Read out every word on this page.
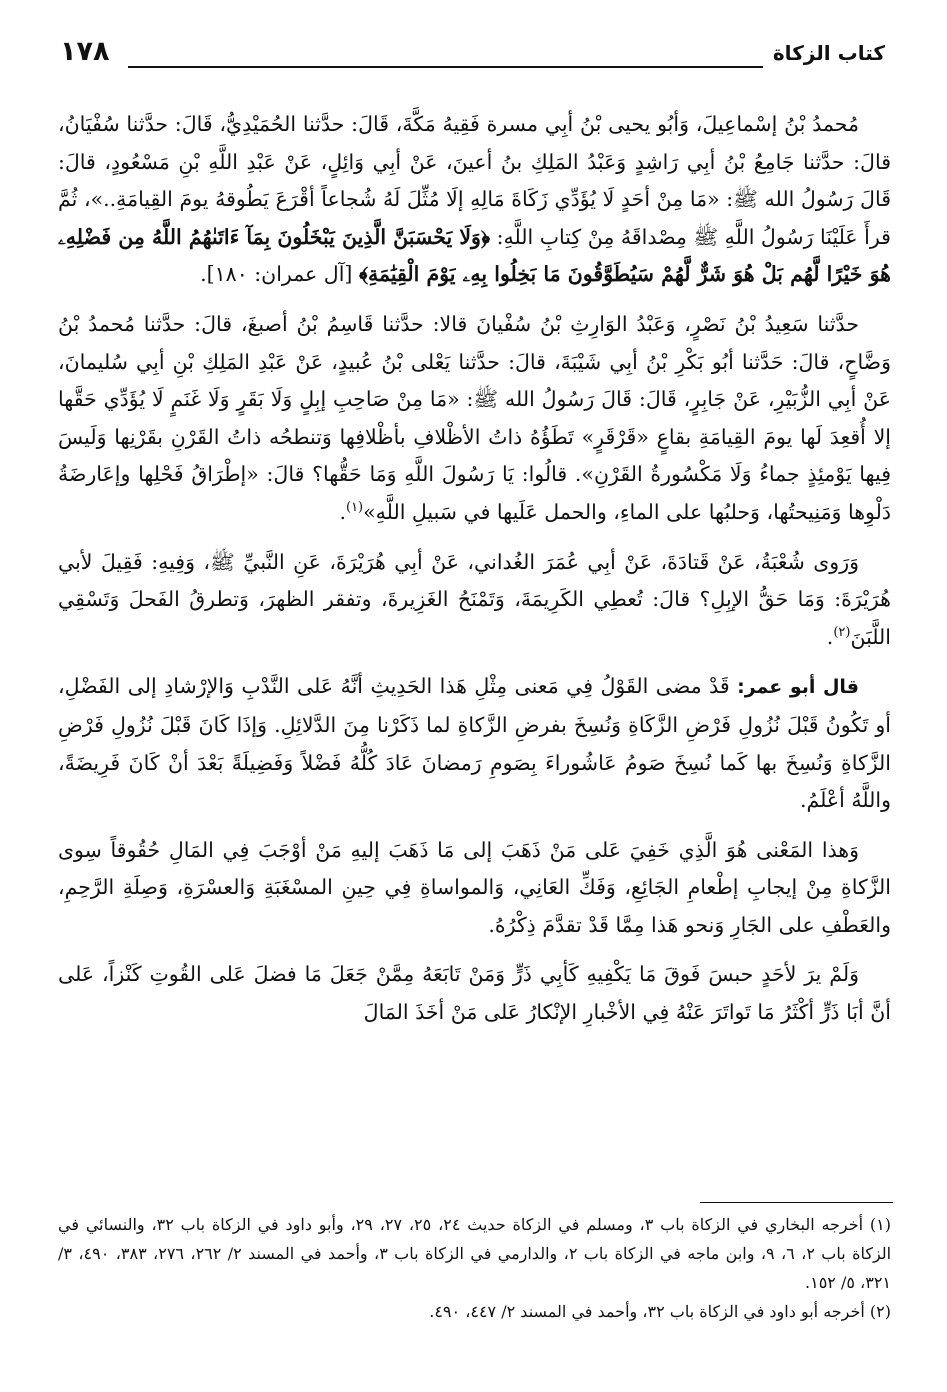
١٧٨	كتاب الزكاة

مُحمدُ بْنُ إسْماعِيلَ، وَأبُو يحيى بْنُ أبِي مسرة فَقِيهُ مَكَّةَ، قَالَ: حدَّثنا الحُمَيْدِيُّ، قَالَ: حدَّثنا سُفْيَانُ، قالَ: حدَّثنا جَامِعُ بْنُ أبِي رَاشِدٍ وَعَبْدُ المَلِكِ بنُ أعينَ، عَنْ أبِي وَائِلٍ، عَنْ عَبْدِ اللَّهِ بْنِ مَسْعُودٍ، قالَ: قَالَ رَسُولُ الله ﷺ: «مَا مِنْ أحَدٍ لَا يُؤَدِّي زَكَاةَ مَالِهِ إلَا مُثِّلَ لَهُ شُجاعاً أقْرَعَ يَطُوقهُ يومَ القِيامَةِ..»، ثُمَّ قرأَ عَلَيْنَا رَسُولُ اللَّهِ ﷺ مِصْداقَهُ مِنْ كِتابِ اللَّهِ: ﴿وَلَا يَحْسَبَنَّ الَّذِينَ يَبْخَلُونَ بِمَآ ءَاتَىٰهُمُ اللَّهُ مِن فَضْلِهِۦ هُوَ خَيْرًا لَّهُم بَلْ هُوَ شَرٌّ لَّهُمْ سَيُطَوَّقُونَ مَا بَخِلُوا بِهِۦ يَوْمَ الْقِيَٰمَةِ﴾ [آل عمران: ١٨٠].

حدَّثنا سَعِيدُ بْنُ نَصْرٍ، وَعَبْدُ الوَارِثِ بْنُ سُفْيانَ قالا: حدَّثنا قَاسِمُ بْنُ أصبغَ، قالَ: حدَّثنا مُحمدُ بْنُ وَضَّاحٍ، قالَ: حَدَّثنا أبُو بَكْرِ بْنُ أبِي شَيْبَةَ، قالَ: حدَّثنا يَعْلى بْنُ عُبيدٍ، عَنْ عَبْدِ المَلِكِ بْنِ أبِي سُليمانَ، عَنْ أبِي الزُّبَيْرِ، عَنْ جَابِرٍ، قَالَ: قَالَ رَسُولُ الله ﷺ: «مَا مِنْ صَاحِبِ إبِلٍ وَلَا بَقَرٍ وَلَا غَنَمٍ لَا يُؤَدِّي حَقَّها إلا أُقعِدَ لَها يومَ القِيامَةِ بقاعٍ «قَرْقَرٍ» تَطَؤُهُ ذاتُ الأظْلافِ بأظْلافِها وَتنطحُه ذاتُ القَرْنِ بقَرْنِها وَلَيسَ فِيها يَوْمئِذٍ جماءُ وَلَا مَكْسُورةُ القَرْنِ». قالُوا: يَا رَسُولَ اللَّهِ وَمَا حَقُّها؟ قالَ: «إطْرَاقُ فَحْلِها وإعَارضَةُ دَلْوِها وَمَنِيحتُها، وَحلبُها على الماءِ، والحمل عَلَيها في سَبيلِ اللَّهِ»$^{(١)}$.

وَرَوى شُعْبَةُ، عَنْ قَتادَةَ، عَنْ أبِي عُمَرَ الغُداني، عَنْ أبِي هُرَيْرَةَ، عَنِ النَّبيِّ ﷺ، وَفِيهِ: فَقِيلَ لأبي هُرَيْرَةَ: وَمَا حَقُّ الإبِلِ؟ قالَ: تُعطِي الكَرِيمَةَ، وَتَمْنَحُ الغَزِيرةَ، وتفقر الظهرَ، وَتطرقُ الفَحلَ وَتَسْقِي اللَّبَنَ$^{(٢)}$.

قال أبو عمر: قَدْ مضى القَوْلُ فِي مَعنى مِثْلِ هَذا الحَدِيثِ أنَّهُ عَلى النَّدْبِ وَالإرْشادِ إلى الفَضْلِ، أو تَكُونُ قَبْلَ نُزُولِ فَرْضِ الزَّكَاةِ وَنُسِخَ بفرضِ الزَّكاةِ لما ذَكَرْنا مِنَ الدَّلائِلِ. وَإذَا كَانَ قَبْلَ نُزُولِ فَرْضِ الزَّكاةِ وَنُسِخَ بها كَما نُسِخَ صَومُ عَاشُوراءَ بِصَومِ رَمضانَ عَادَ كُلُّهُ فَضْلاً وَفَضِيلَةً بَعْدَ أنْ كَانَ فَرِيضَةً، واللَّهُ أعْلَمُ.

وَهذا المَعْنى هُوَ الَّذِي خَفِيَ عَلى مَنْ ذَهَبَ إلى مَا ذَهَبَ إليهِ مَنْ أوْجَبَ فِي المَالِ حُقُوقاً سِوى الزَّكاةِ مِنْ إيجابِ إطْعامِ الجَائِعِ، وَفَكِّ العَانِي، وَالمواساةِ فِي حِينِ المسْغَبَةِ وَالعسْرَةِ، وَصِلَةِ الرَّحِمِ، والعَطْفِ على الجَارِ وَنحو هَذا مِمَّا قَدْ تقدَّمَ ذِكْرُهُ.

وَلَمْ يرَ لأحَدٍ حبسَ فَوقَ مَا يَكْفِيهِ كَأبِي ذَرٍّ وَمَنْ تَابَعَهُ مِمَّنْ جَعَلَ مَا فضلَ عَلى القُوتِ كَنْزاً، عَلى أنَّ أبَا ذَرٍّ أكْثَرُ مَا تَواتَرَ عَنْهُ فِي الأخْبارِ الإنْكارُ عَلى مَنْ أخَذَ المَالَ

(١) أخرجه البخاري في الزكاة باب ٣، ومسلم في الزكاة حديث ٢٤، ٢٥، ٢٧، ٢٩، وأبو داود في الزكاة باب ٣٢، والنسائي في الزكاة باب ٢، ٦، ٩، وابن ماجه في الزكاة باب ٢، والدارمي في الزكاة باب ٣، وأحمد في المسند ٢/ ٢٦٢، ٢٧٦، ٣٨٣، ٤٩٠، ٣/ ٣٢١، ٥/ ١٥٢.

(٢) أخرجه أبو داود في الزكاة باب ٣٢، وأحمد في المسند ٢/ ٤٤٧، ٤٩٠.
